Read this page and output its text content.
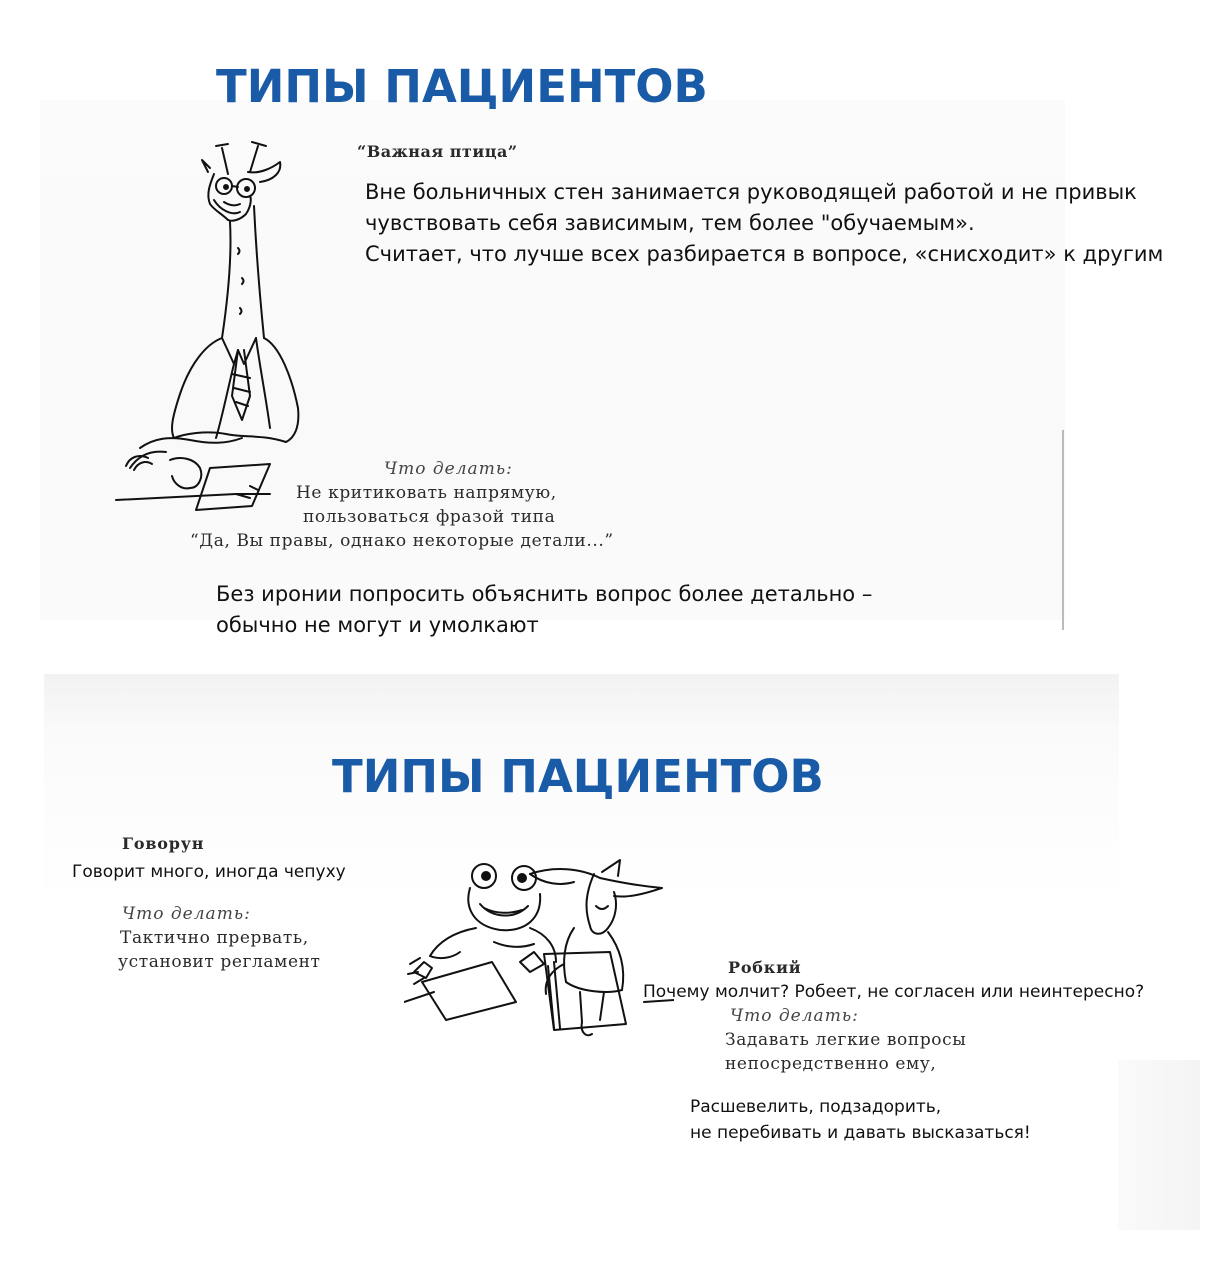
ТИПЫ ПАЦИЕНТОВ
“Важная птица”
Вне больничных стен занимается руководящей работой и не привык
чувствовать себя зависимым, тем более "обучаемым».
Считает, что лучше всех разбирается в вопросе, «снисходит» к другим
Что делать:
Не критиковать напрямую,
пользоваться фразой типа
“Да, Вы правы, однако некоторые детали...”
Без иронии попросить объяснить вопрос более детально –
обычно не могут и умолкают
ТИПЫ ПАЦИЕНТОВ
Говорун
Говорит много, иногда чепуху
Что делать:
Тактично прервать,
установит регламент	Робкий
Почему молчит? Робеет, не согласен или неинтересно?
Что делать:
Задавать легкие вопросы
непосредственно ему,
Расшевелить, подзадорить,
не перебивать и давать высказаться!
